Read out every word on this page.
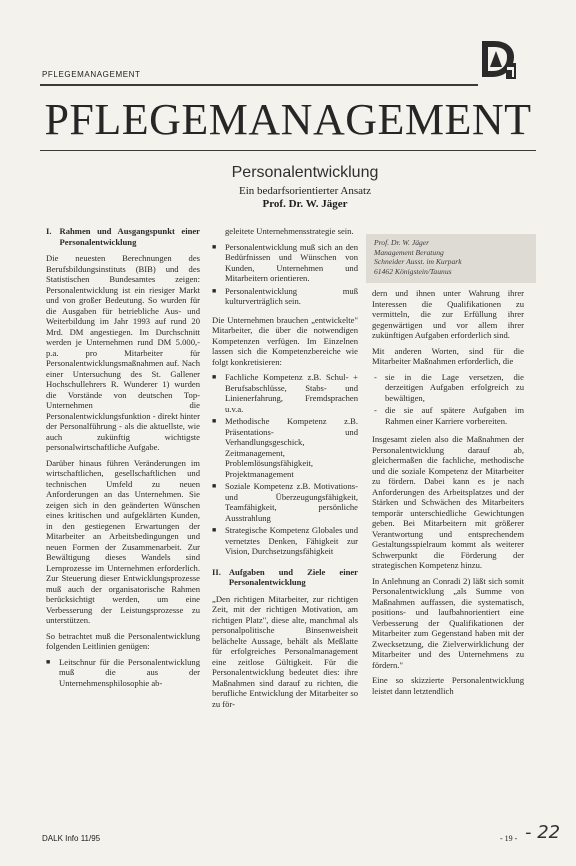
PFLEGEMANAGEMENT
PFLEGEMANAGEMENT
Personalentwicklung
Ein bedarfsorientierter Ansatz
Prof. Dr. W. Jäger
I. Rahmen und Ausgangspunkt einer Personalentwicklung

Die neuesten Berechnungen des Berufsbildungsinstituts (BIB) und des Statistischen Bundesamtes zeigen: Personalentwicklung ist ein riesiger Markt und von großer Bedeutung. So wurden für die Ausgaben für betriebliche Aus- und Weiterbildung im Jahr 1993 auf rund 20 Mrd. DM angestiegen. Im Durchschnitt werden je Unternehmen rund DM 5.000,- p.a. pro Mitarbeiter für Personalentwicklungsmaßnahmen auf. Nach einer Untersuchung des St. Gallener Hochschullehrers R. Wunderer 1) wurden die Vorstände von deutschen Top-Unternehmen die Personalentwicklungsfunktion - direkt hinter der Personalführung - als die aktuellste, wie auch zukünftig wichtigste personalwirtschaftliche Aufgabe.

Darüber hinaus führen Veränderungen im wirtschaftlichen, gesellschaftlichen und technischen Umfeld zu neuen Anforderungen an das Unternehmen. Sie zeigen sich in den geänderten Wünschen eines kritischen und aufgeklärten Kunden, in den gestiegenen Erwartungen der Mitarbeiter an Arbeitsbedingungen und neuen Formen der Zusammenarbeit. Zur Bewältigung dieses Wandels sind Lernprozesse im Unternehmen erforderlich. Zur Steuerung dieser Entwicklungsprozesse muß auch der organisatorische Rahmen berücksichtigt werden, um eine Verbesserung der Leistungsprozesse zu unterstützen.

So betrachtet muß die Personalentwicklung folgenden Leitlinien genügen:

■ Leitschnur für die Personalentwicklung muß die aus der Unternehmensphilosophie ab-

geleitete Unternehmensstrategie sein.

■ Personalentwicklung muß sich an den Bedürfnissen und Wünschen von Kunden, Unternehmen und Mitarbeitern orientieren.
■ Personalentwicklung muß kulturverträglich sein.

Die Unternehmen brauchen „entwickelte" Mitarbeiter, die über die notwendigen Kompetenzen verfügen. Im Einzelnen lassen sich die Kompetenzbereiche wie folgt konkretisieren:

■ Fachliche Kompetenz z.B. Schul- + Berufsabschlüsse, Stabs- und Linienerfahrung, Fremdsprachen u.v.a.
■ Methodische Kompetenz z.B. Präsentations- und Verhandlungsgeschick, Zeitmanagement, Problemlösungsfähigkeit, Projektmanagement
■ Soziale Kompetenz z.B. Motivations- und Überzeugungsfähigkeit, Teamfähigkeit, persönliche Ausstrahlung
■ Strategische Kompetenz Globales und vernetztes Denken, Fähigkeit zur Vision, Durchsetzungsfähigkeit
II. Aufgaben und Ziele einer Personalentwicklung

„Den richtigen Mitarbeiter, zur richtigen Zeit, mit der richtigen Motivation, am richtigen Platz", diese alte, manchmal als personalpolitische Binsenweisheit belächelte Aussage, behält als Meßlatte für erfolgreiches Personalmanagement eine zeitlose Gültigkeit. Für die Personalentwicklung bedeutet dies: ihre Maßnahmen sind darauf zu richten, die berufliche Entwicklung der Mitarbeiter so zu för-

Prof. Dr. W. Jäger
Management Beratung
Schneider Ausst. im Kurpark
61462 Königstein/Taunus

dern und ihnen unter Wahrung ihrer Interessen die Qualifikationen zu vermitteln, die zur Erfüllung ihrer gegenwärtigen und vor allem ihrer zukünftigen Aufgaben erforderlich sind.

Mit anderen Worten, sind für die Mitarbeiter Maßnahmen erforderlich, die

- sie in die Lage versetzen, die derzeitigen Aufgaben erfolgreich zu bewältigen,
- die sie auf spätere Aufgaben im Rahmen einer Karriere vorbereiten.

Insgesamt zielen also die Maßnahmen der Personalentwicklung darauf ab, gleichermaßen die fachliche, methodische und die soziale Kompetenz der Mitarbeiter zu fördern. Dabei kann es je nach Anforderungen des Arbeitsplatzes und der Stärken und Schwächen des Mitarbeiters temporär unterschiedliche Gewichtungen geben. Bei Mitarbeitern mit größerer Verantwortung und entsprechendem Gestaltungsspielraum kommt als weiterer Schwerpunkt die Förderung der strategischen Kompetenz hinzu.

In Anlehnung an Conradi 2) läßt sich somit Personalentwicklung „als Summe von Maßnahmen auffassen, die systematisch, positions- und laufbahnorientiert eine Verbesserung der Qualifikationen der Mitarbeiter zum Gegenstand haben mit der Zwecksetzung, die Zielverwirklichung der Mitarbeiter und des Unternehmens zu fördern."

Eine so skizzierte Personalentwicklung leistet dann letztendlich

DALK Info 11/95	- 19 - - 22
